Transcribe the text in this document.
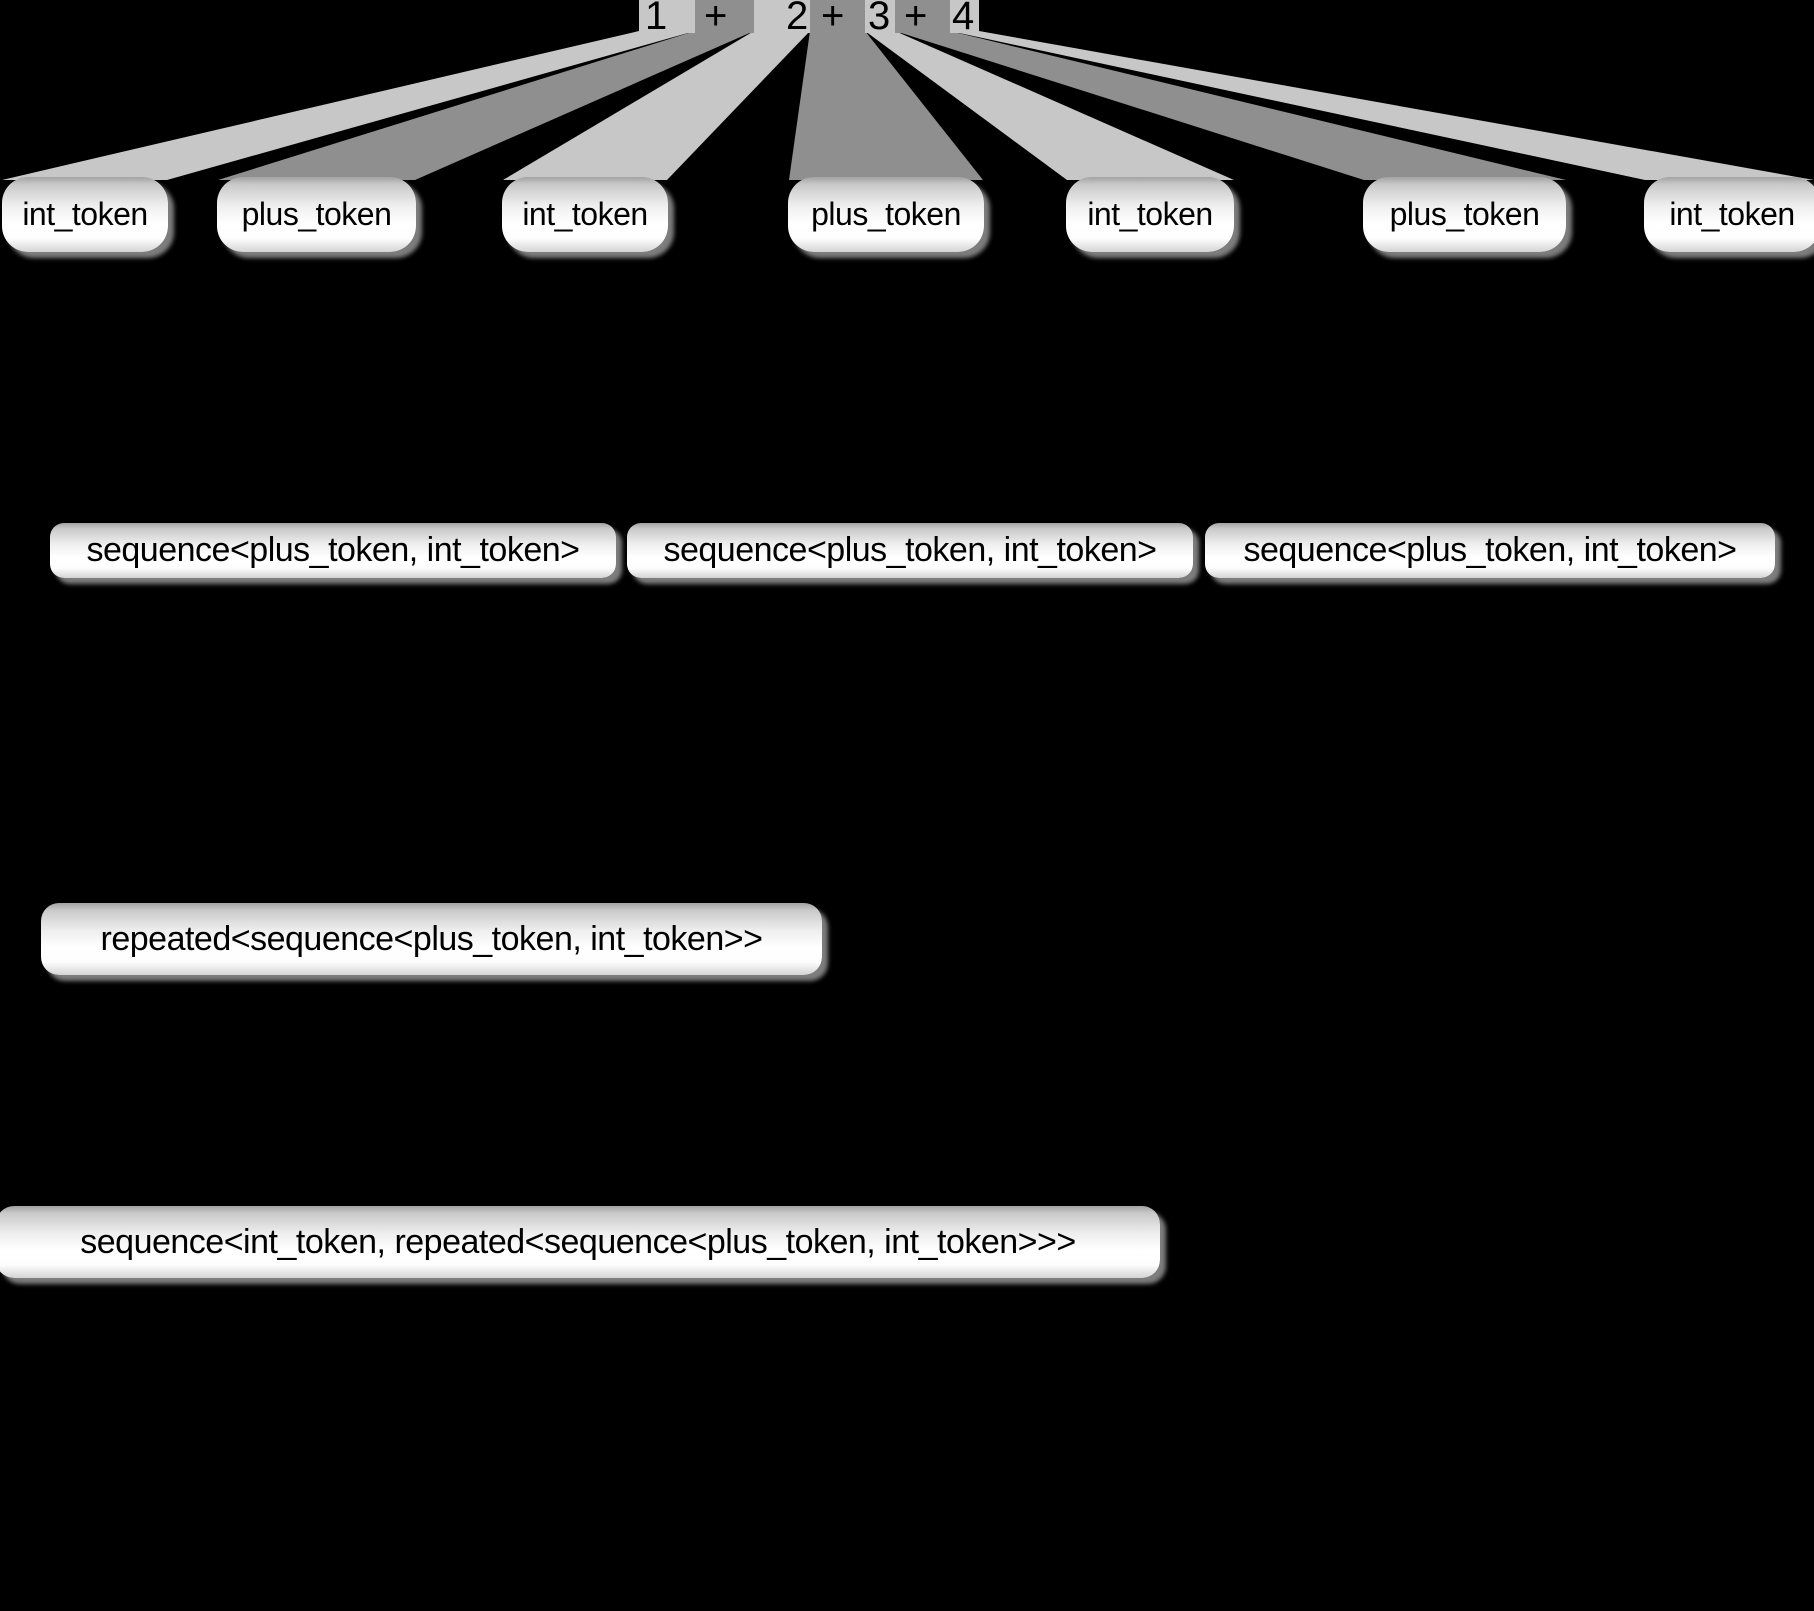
1 + 2 + 3 + 4
int_token	plus_token	int_token	plus_token	int_token	plus_token	int_token
sequence<plus_token, int_token>	sequence<plus_token, int_token>	sequence<plus_token, int_token>
repeated<sequence<plus_token, int_token>>
sequence<int_token, repeated<sequence<plus_token, int_token>>>
